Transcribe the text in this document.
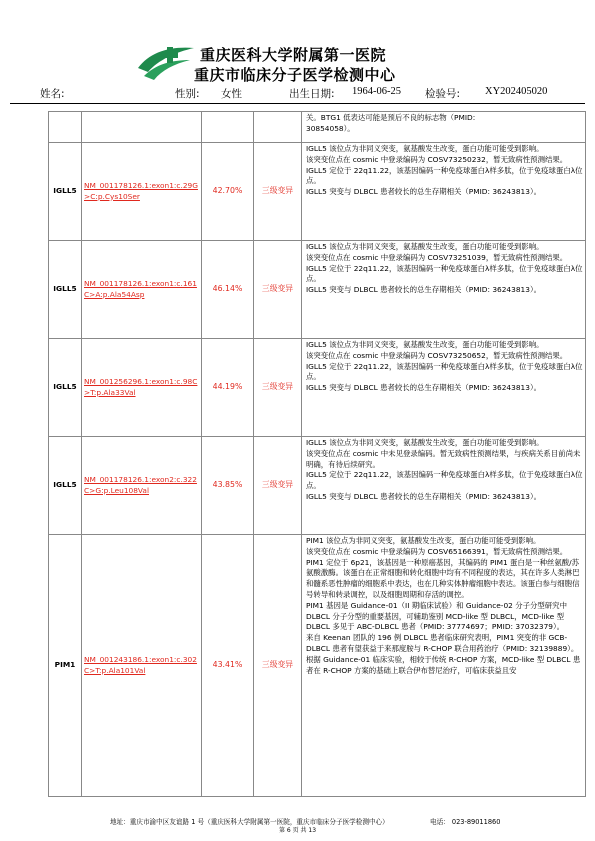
重庆医科大学附属第一医院
重庆市临床分子医学检测中心
姓名:	性别: 女性	出生日期: 1964-06-25 检验号: XY202405020

				关。BTG1 低表达可能是预后不良的标志物（PMID:

30854058）。

IGLL5	NM_001178126.1:exon1:c.29G>C:p.Cys10Ser	42.70%	三级变异	IGLL5 该位点为非同义突变，氨基酸发生改变，蛋白功能可能受到影响。

该突变位点在 cosmic 中登录编码为 COSV73250232，暂无致病性预测结果。

IGLL5 定位于 22q11.22，该基因编码一种免疫球蛋白λ样多肽，位于免疫球蛋白λ位点。

IGLL5 突变与 DLBCL 患者较长的总生存期相关（PMID: 36243813）。

IGLL5	NM_001178126.1:exon1:c.161C>A:p.Ala54Asp	46.14%	三级变异	IGLL5 该位点为非同义突变，氨基酸发生改变，蛋白功能可能受到影响。

该突变位点在 cosmic 中登录编码为 COSV73251039，暂无致病性预测结果。

IGLL5 定位于 22q11.22，该基因编码一种免疫球蛋白λ样多肽，位于免疫球蛋白λ位点。

IGLL5 突变与 DLBCL 患者较长的总生存期相关（PMID: 36243813）。

IGLL5	NM_001256296.1:exon1:c.98C>T:p.Ala33Val	44.19%	三级变异	IGLL5 该位点为非同义突变，氨基酸发生改变，蛋白功能可能受到影响。

该突变位点在 cosmic 中登录编码为 COSV73250652，暂无致病性预测结果。

IGLL5 定位于 22q11.22，该基因编码一种免疫球蛋白λ样多肽，位于免疫球蛋白λ位点。

IGLL5 突变与 DLBCL 患者较长的总生存期相关（PMID: 36243813）。

IGLL5	NM_001178126.1:exon2:c.322C>G:p.Leu108Val	43.85%	三级变异	IGLL5 该位点为非同义突变，氨基酸发生改变，蛋白功能可能受到影响。

该突变位点在 cosmic 中未见登录编码。暂无致病性预测结果，与疾病关系目前尚未明确，有待后续研究。

IGLL5 定位于 22q11.22，该基因编码一种免疫球蛋白λ样多肽，位于免疫球蛋白λ位点。

IGLL5 突变与 DLBCL 患者较长的总生存期相关（PMID: 36243813）。

PIM1	NM_001243186.1:exon1:c.302C>T:p.Ala101Val	43.41%	三级变异	PIM1 该位点为非同义突变，氨基酸发生改变，蛋白功能可能受到影响。

该突变位点在 cosmic 中登录编码为 COSV65166391，暂无致病性预测结果。

PIM1 定位于 6p21，该基因是一种原癌基因，其编码的 PIM1 蛋白是一种丝氨酸/苏氨酸激酶。该蛋白在正常细胞和转化细胞中均有不同程度的表达，其在许多人类淋巴和髓系恶性肿瘤的细胞系中表达，也在几种实体肿瘤细胞中表达。该蛋白参与细胞信号转导和转录调控，以及细胞周期和存活的调控。

PIM1 基因是 Guidance-01（II 期临床试验）和 Guidance-02 分子分型研究中 DLBCL 分子分型的重要基因，可辅助鉴别 MCD-like 型 DLBCL，MCD-like 型 DLBCL 多见于 ABC-DLBCL 患者（PMID: 37774697；PMID: 37032379）。

来自 Keenan 团队的 196 例 DLBCL 患者临床研究表明，PIM1 突变的非 GCB-DLBCL 患者有望获益于来那度胺与 R-CHOP 联合用药治疗（PMID: 32139889）。根据 Guidance-01 临床实验，相较于传统 R-CHOP 方案，MCD-like 型 DLBCL 患者在 R-CHOP 方案的基础上联合伊布替尼治疗，可临床获益且安

地址：重庆市渝中区友谊路 1 号（重庆医科大学附属第一医院，重庆市临床分子医学检测中心）	电话： 023-89011860
第 6 页 共 13
